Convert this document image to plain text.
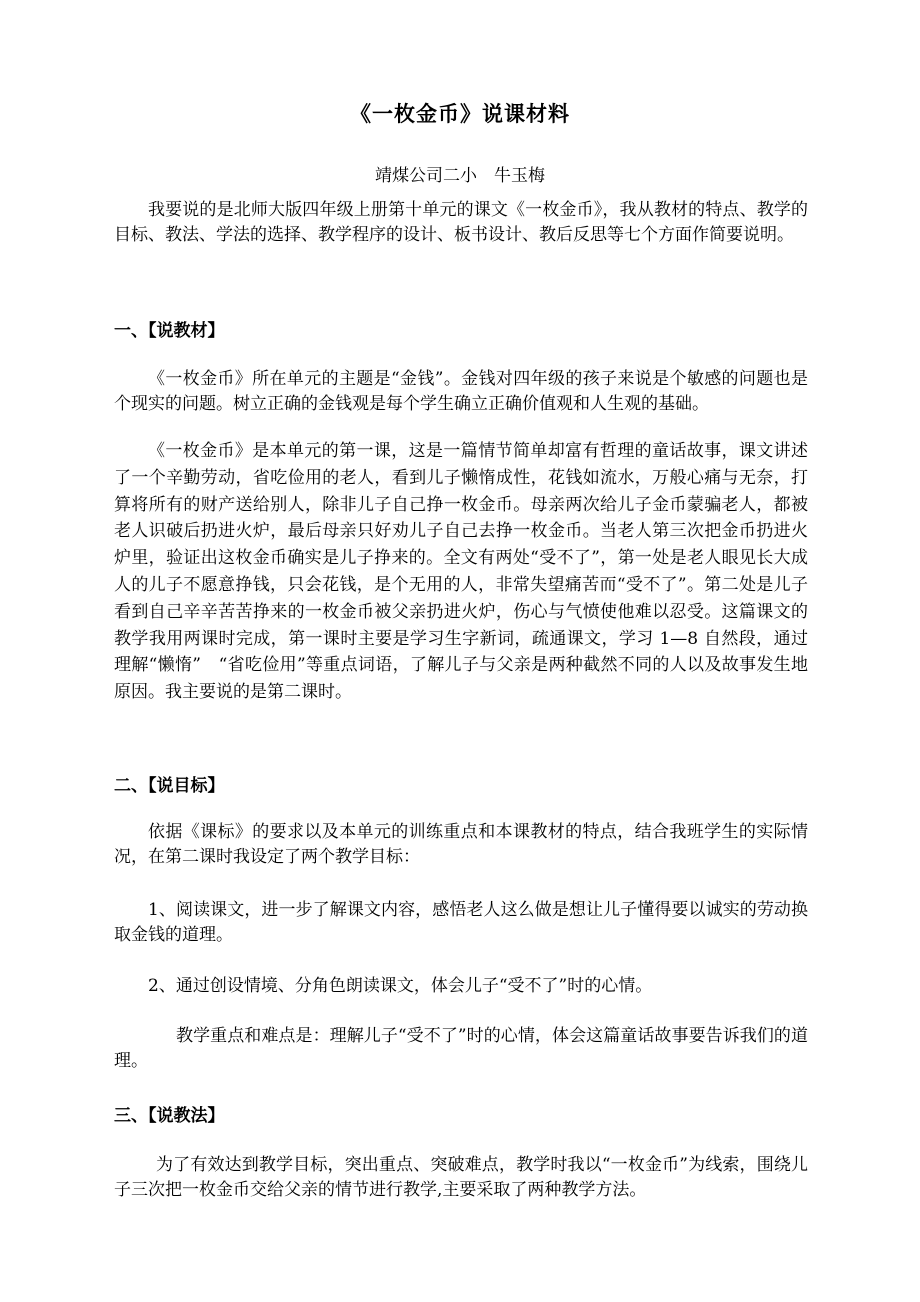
《一枚金币》说课材料
靖煤公司二小　牛玉梅

我要说的是北师大版四年级上册第十单元的课文《一枚金币》，我从教材的特点、教学的目标、教法、学法的选择、教学程序的设计、板书设计、教后反思等七个方面作简要说明。

一、【说教材】

《一枚金币》所在单元的主题是“金钱”。金钱对四年级的孩子来说是个敏感的问题也是个现实的问题。树立正确的金钱观是每个学生确立正确价值观和人生观的基础。

《一枚金币》是本单元的第一课，这是一篇情节简单却富有哲理的童话故事，课文讲述了一个辛勤劳动，省吃俭用的老人，看到儿子懒惰成性，花钱如流水，万般心痛与无奈，打算将所有的财产送给别人，除非儿子自己挣一枚金币。母亲两次给儿子金币蒙骗老人，都被老人识破后扔进火炉，最后母亲只好劝儿子自己去挣一枚金币。当老人第三次把金币扔进火炉里，验证出这枚金币确实是儿子挣来的。全文有两处“受不了”，第一处是老人眼见长大成人的儿子不愿意挣钱，只会花钱，是个无用的人，非常失望痛苦而“受不了”。第二处是儿子看到自己辛辛苦苦挣来的一枚金币被父亲扔进火炉，伤心与气愤使他难以忍受。这篇课文的教学我用两课时完成，第一课时主要是学习生字新词，疏通课文，学习 1—8 自然段，通过理解“懒惰”　“省吃俭用”等重点词语，了解儿子与父亲是两种截然不同的人以及故事发生地原因。我主要说的是第二课时。

二、【说目标】

依据《课标》的要求以及本单元的训练重点和本课教材的特点，结合我班学生的实际情况，在第二课时我设定了两个教学目标：

1、阅读课文，进一步了解课文内容，感悟老人这么做是想让儿子懂得要以诚实的劳动换取金钱的道理。

2、通过创设情境、分角色朗读课文，体会儿子“受不了”时的心情。

教学重点和难点是：理解儿子“受不了”时的心情，体会这篇童话故事要告诉我们的道理。

三、【说教法】

为了有效达到教学目标，突出重点、突破难点，教学时我以“一枚金币”为线索，围绕儿子三次把一枚金币交给父亲的情节进行教学,主要采取了两种教学方法。
